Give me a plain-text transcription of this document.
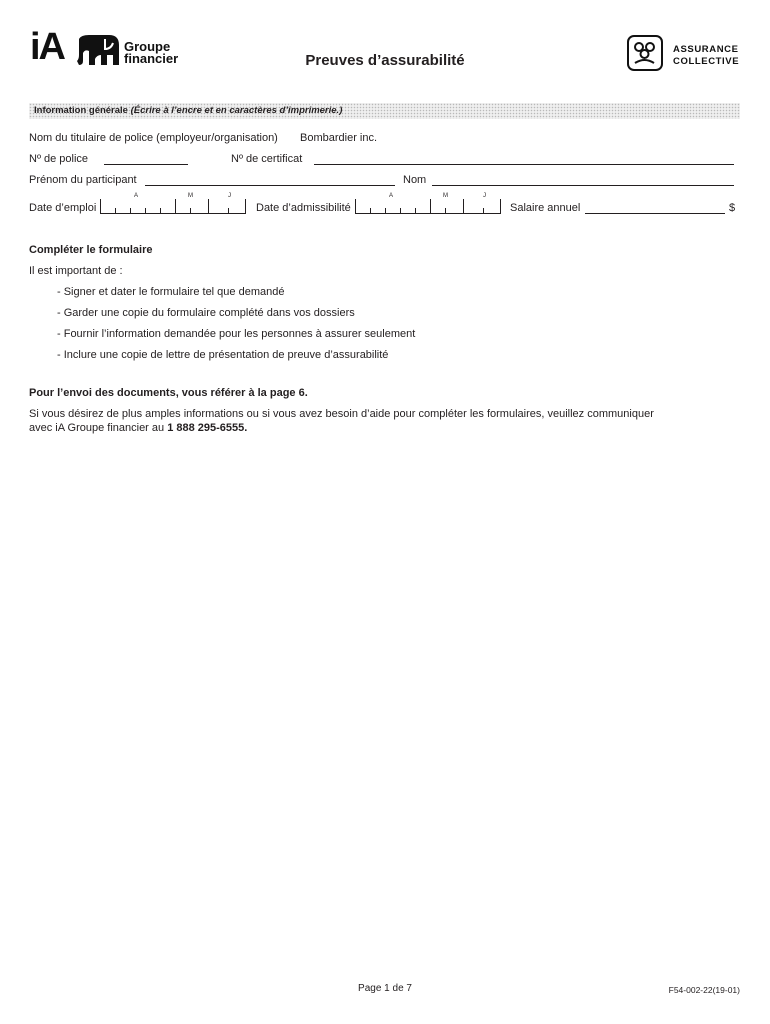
iA	Groupe
financier	Preuves d’assurabilité
ASSURANCE
COLLECTIVE
Information générale (Écrire à l’encre et en caractères d’imprimerie.)
Nom du titulaire de police (employeur/organisation) Bombardier inc.
Nº de police	Nº de certificat
Prénom du participant	Nom
Date d’emploi
A	M	J
Date d’admissibilité
A	M	J
Salaire annuel	$
Compléter le formulaire
Il est important de :
- Signer et dater le formulaire tel que demandé
- Garder une copie du formulaire complété dans vos dossiers
- Fournir l’information demandée pour les personnes à assurer seulement
- Inclure une copie de lettre de présentation de preuve d’assurabilité
Pour l’envoi des documents, vous référer à la page 6.
Si vous désirez de plus amples informations ou si vous avez besoin d’aide pour compléter les formulaires, veuillez communiquer
avec iA Groupe financier au 1 888 295-6555.
Page 1 de 7	F54-002-22(19-01)
